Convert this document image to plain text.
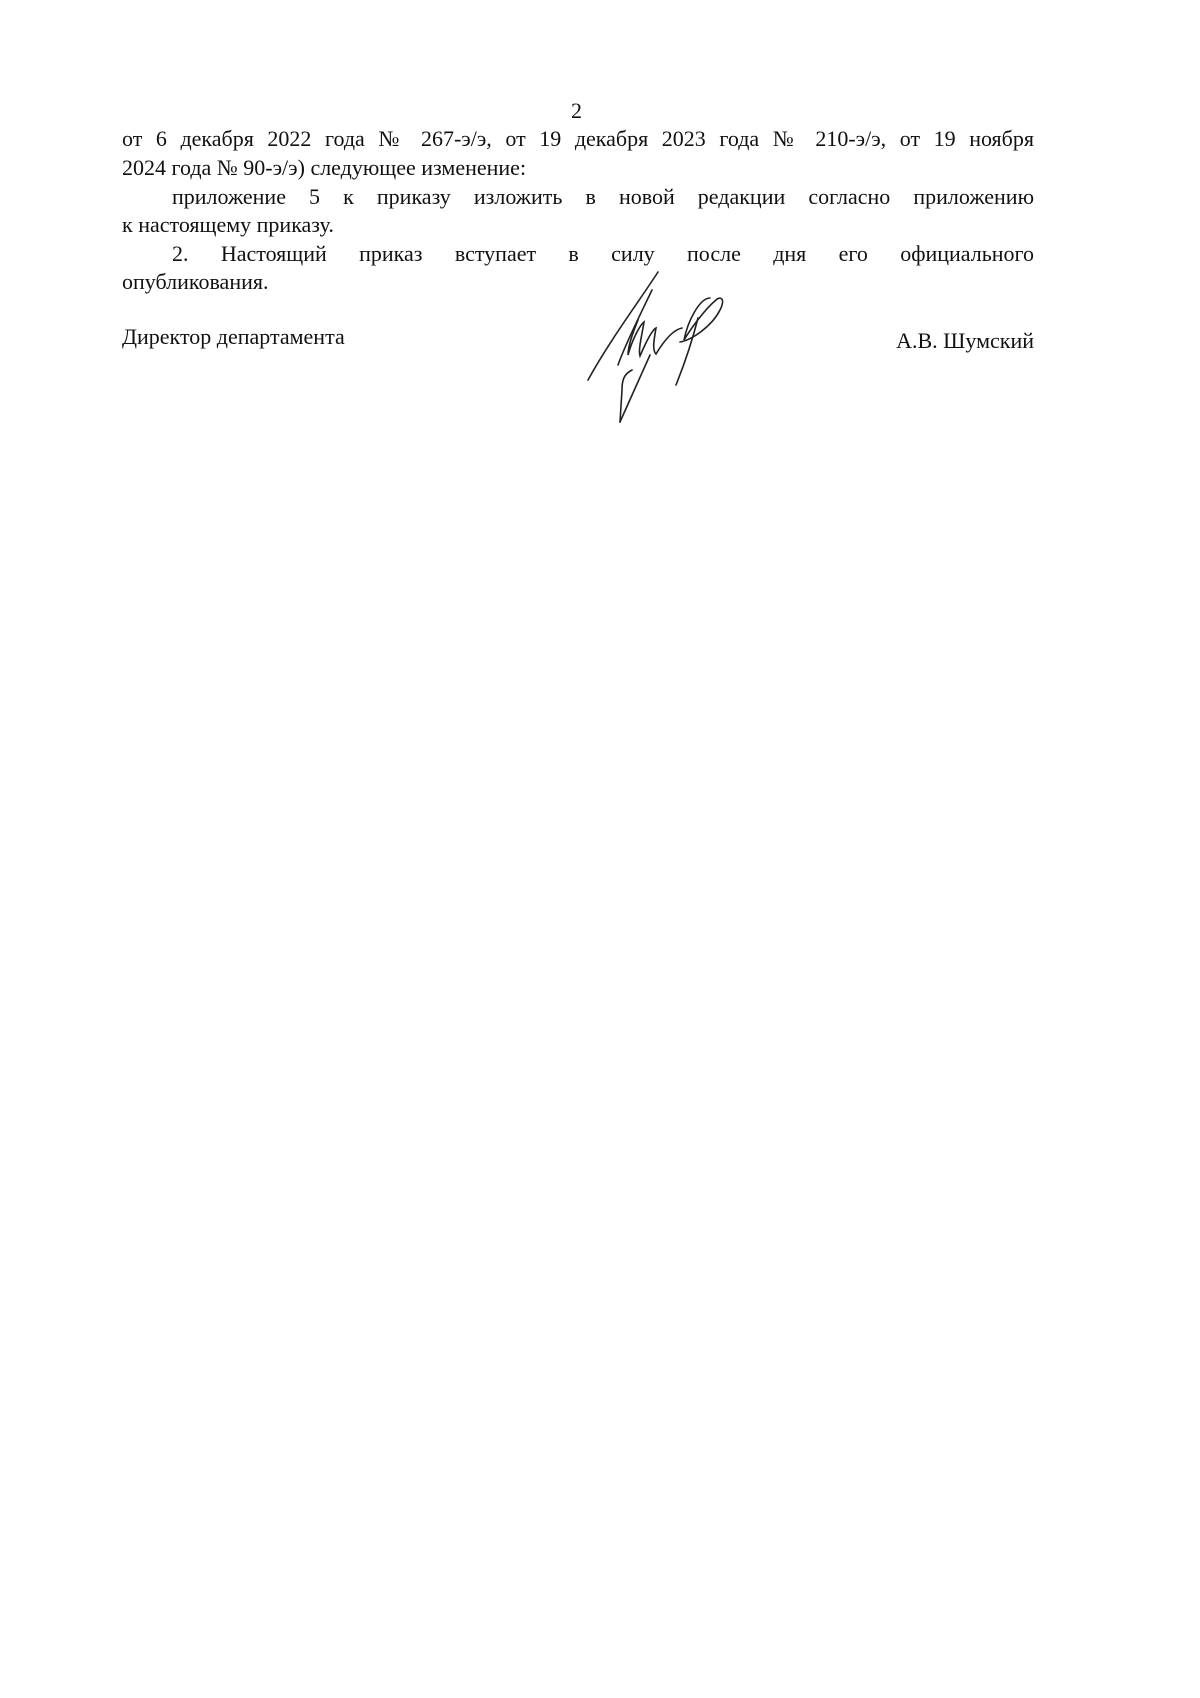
2
от 6 декабря 2022 года № 267-э/э, от 19 декабря 2023 года № 210-э/э, от 19 ноября
2024 года № 90-э/э) следующее изменение:
приложение 5 к приказу изложить в новой редакции согласно приложению
к настоящему приказу.
2. Настоящий приказ вступает в силу после дня его официального
опубликования.
Директор департамента	А.В. Шумский
